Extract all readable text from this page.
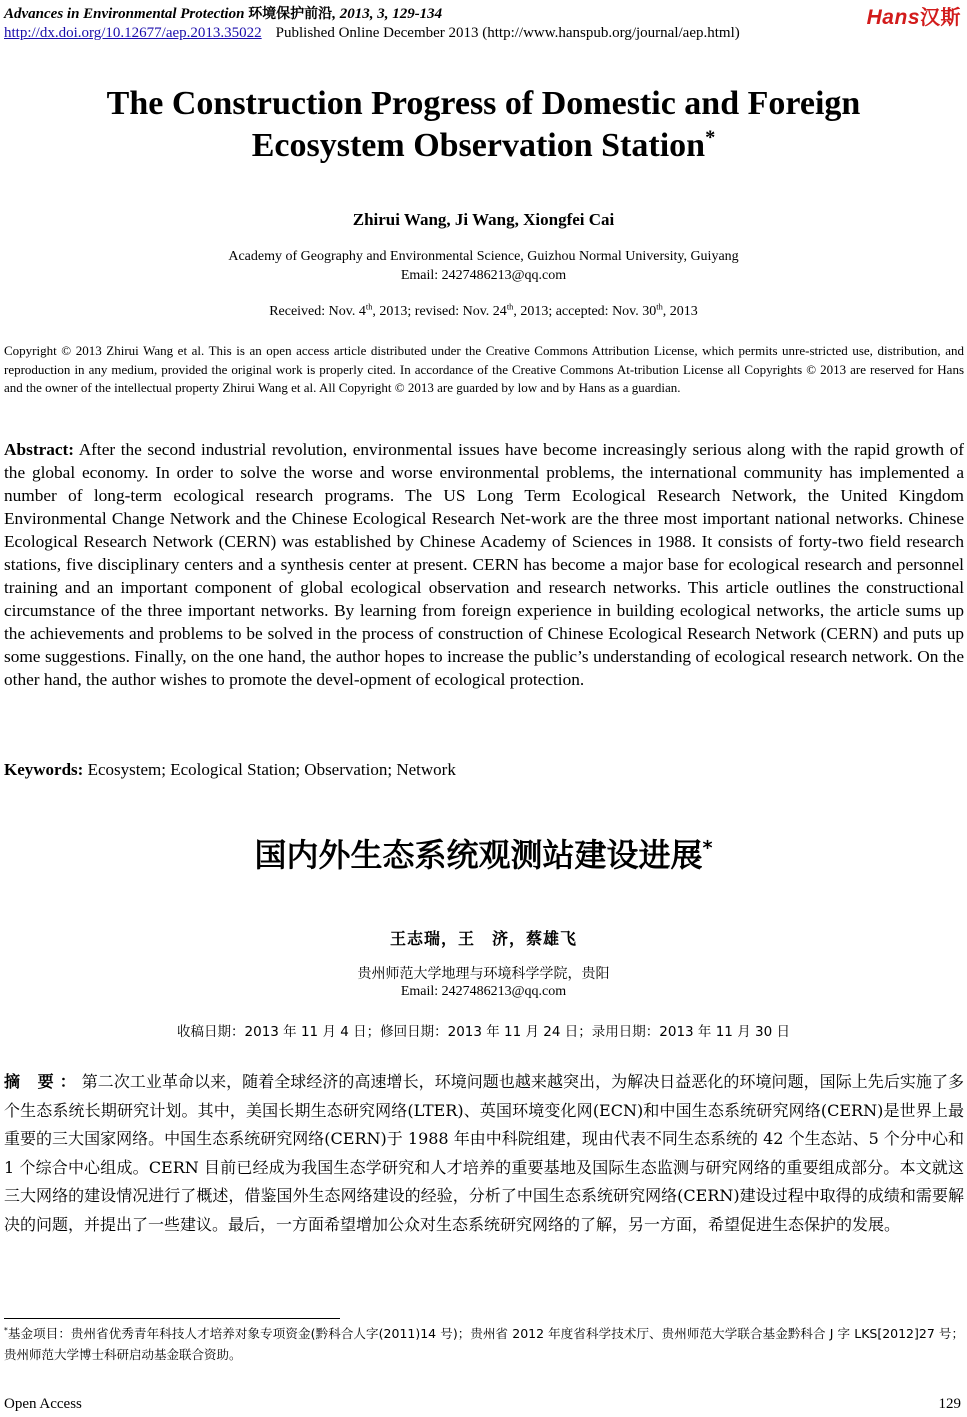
Advances in Environmental Protection 环境保护前沿, 2013, 3, 129-134	Hans汉斯
http://dx.doi.org/10.12677/aep.2013.35022 Published Online December 2013 (http://www.hanspub.org/journal/aep.html)
The Construction Progress of Domestic and Foreign
Ecosystem Observation Station*
Zhirui Wang, Ji Wang, Xiongfei Cai
Academy of Geography and Environmental Science, Guizhou Normal University, Guiyang
Email: 2427486213@qq.com
Received: Nov. 4th, 2013; revised: Nov. 24th, 2013; accepted: Nov. 30th, 2013
Copyright © 2013 Zhirui Wang et al. This is an open access article distributed under the Creative Commons Attribution License, which permits unre-stricted use, distribution, and reproduction in any medium, provided the original work is properly cited. In accordance of the Creative Commons At-tribution License all Copyrights © 2013 are reserved for Hans and the owner of the intellectual property Zhirui Wang et al. All Copyright © 2013 are guarded by low and by Hans as a guardian.
Abstract: After the second industrial revolution, environmental issues have become increasingly serious along with the rapid growth of the global economy. In order to solve the worse and worse environmental problems, the international community has implemented a number of long-term ecological research programs. The US Long Term Ecological Research Network, the United Kingdom Environmental Change Network and the Chinese Ecological Research Net-work are the three most important national networks. Chinese Ecological Research Network (CERN) was established by Chinese Academy of Sciences in 1988. It consists of forty-two field research stations, five disciplinary centers and a synthesis center at present. CERN has become a major base for ecological research and personnel training and an important component of global ecological observation and research networks. This article outlines the constructional circumstance of the three important networks. By learning from foreign experience in building ecological networks, the article sums up the achievements and problems to be solved in the process of construction of Chinese Ecological Research Network (CERN) and puts up some suggestions. Finally, on the one hand, the author hopes to increase the public’s understanding of ecological research network. On the other hand, the author wishes to promote the devel-opment of ecological protection.
Keywords: Ecosystem; Ecological Station; Observation; Network
国内外生态系统观测站建设进展*
王志瑞，王　济，蔡雄飞
贵州师范大学地理与环境科学学院，贵阳
Email: 2427486213@qq.com
收稿日期：2013 年 11 月 4 日；修回日期：2013 年 11 月 24 日；录用日期：2013 年 11 月 30 日
摘 要：第二次工业革命以来，随着全球经济的高速增长，环境问题也越来越突出，为解决日益恶化的环境问题，国际上先后实施了多个生态系统长期研究计划。其中，美国长期生态研究网络(LTER)、英国环境变化网(ECN)和中国生态系统研究网络(CERN)是世界上最重要的三大国家网络。中国生态系统研究网络(CERN)于 1988 年由中科院组建，现由代表不同生态系统的 42 个生态站、5 个分中心和 1 个综合中心组成。CERN 目前已经成为我国生态学研究和人才培养的重要基地及国际生态监测与研究网络的重要组成部分。本文就这三大网络的建设情况进行了概述，借鉴国外生态网络建设的经验，分析了中国生态系统研究网络(CERN)建设过程中取得的成绩和需要解决的问题，并提出了一些建议。最后，一方面希望增加公众对生态系统研究网络的了解，另一方面，希望促进生态保护的发展。
*基金项目：贵州省优秀青年科技人才培养对象专项资金(黔科合人字(2011)14 号)；贵州省 2012 年度省科学技术厅、贵州师范大学联合基金黔科合 J 字 LKS[2012]27 号；贵州师范大学博士科研启动基金联合资助。
Open Access	129
